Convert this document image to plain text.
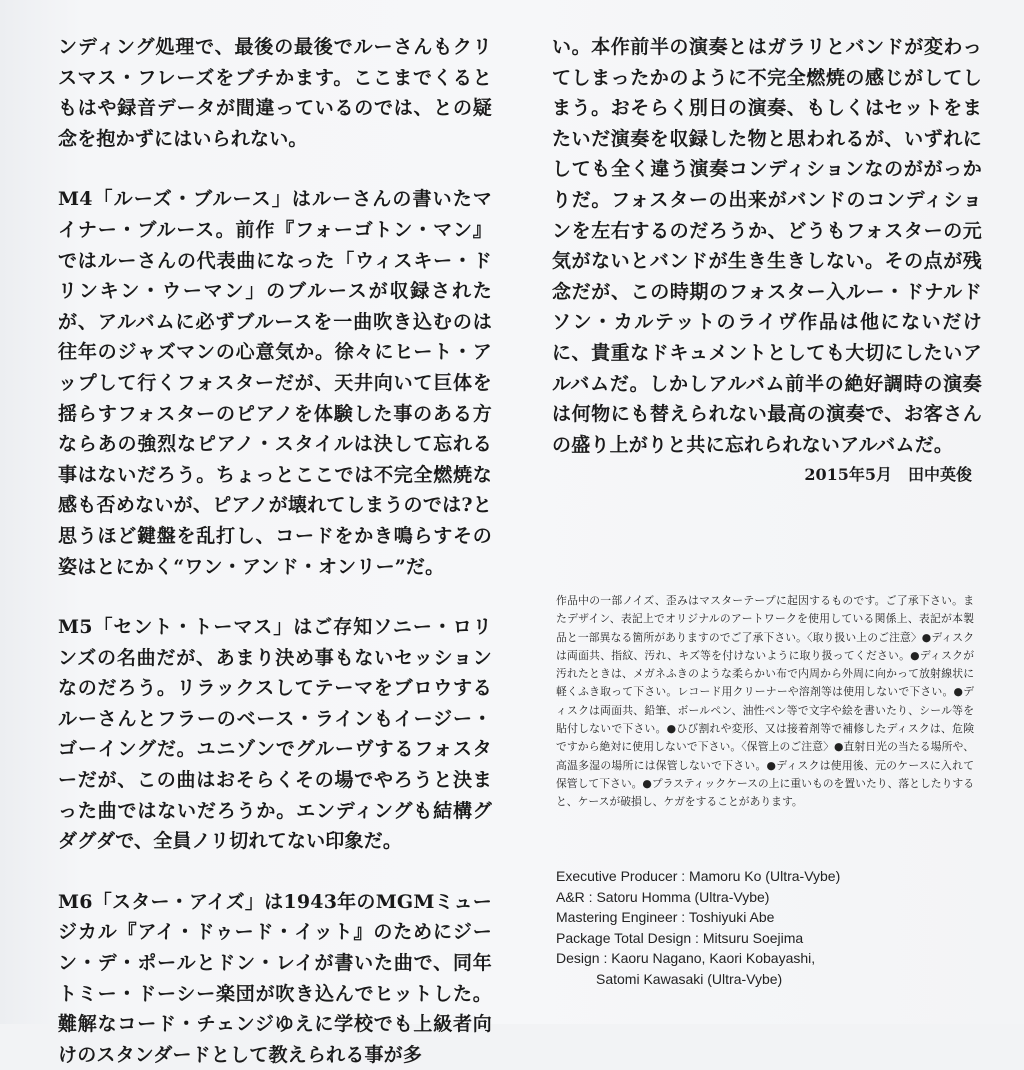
ンディング処理で、最後の最後でルーさんもクリスマス・フレーズをブチかます。ここまでくるともはや録音データが間違っているのでは、との疑念を抱かずにはいられない。

M4「ルーズ・ブルース」はルーさんの書いたマイナー・ブルース。前作『フォーゴトン・マン』ではルーさんの代表曲になった「ウィスキー・ドリンキン・ウーマン」のブルースが収録されたが、アルバムに必ずブルースを一曲吹き込むのは往年のジャズマンの心意気か。徐々にヒート・アップして行くフォスターだが、天井向いて巨体を揺らすフォスターのピアノを体験した事のある方ならあの強烈なピアノ・スタイルは決して忘れる事はないだろう。ちょっとここでは不完全燃焼な感も否めないが、ピアノが壊れてしまうのでは?と思うほど鍵盤を乱打し、コードをかき鳴らすその姿はとにかく“ワン・アンド・オンリー”だ。

M5「セント・トーマス」はご存知ソニー・ロリンズの名曲だが、あまり決め事もないセッションなのだろう。リラックスしてテーマをブロウするルーさんとフラーのベース・ラインもイージー・ゴーイングだ。ユニゾンでグルーヴするフォスターだが、この曲はおそらくその場でやろうと決まった曲ではないだろうか。エンディングも結構グダグダで、全員ノリ切れてない印象だ。

M6「スター・アイズ」は1943年のMGMミュージカル『アイ・ドゥード・イット』のためにジーン・デ・ポールとドン・レイが書いた曲で、同年トミー・ドーシー楽団が吹き込んでヒットした。難解なコード・チェンジゆえに学校でも上級者向けのスタンダードとして教えられる事が多

い。本作前半の演奏とはガラリとバンドが変わってしまったかのように不完全燃焼の感じがしてしまう。おそらく別日の演奏、もしくはセットをまたいだ演奏を収録した物と思われるが、いずれにしても全く違う演奏コンディションなのががっかりだ。フォスターの出来がバンドのコンディションを左右するのだろうか、どうもフォスターの元気がないとバンドが生き生きしない。その点が残念だが、この時期のフォスター入ルー・ドナルドソン・カルテットのライヴ作品は他にないだけに、貴重なドキュメントとしても大切にしたいアルバムだ。しかしアルバム前半の絶好調時の演奏は何物にも替えられない最高の演奏で、お客さんの盛り上がりと共に忘れられないアルバムだ。

2015年5月　田中英俊
作品中の一部ノイズ、歪みはマスターテープに起因するものです。ご了承下さい。またデザイン、表記上でオリジナルのアートワークを使用している関係上、表記が本製品と一部異なる箇所がありますのでご了承下さい。〈取り扱い上のご注意〉●ディスクは両面共、指紋、汚れ、キズ等を付けないように取り扱ってください。●ディスクが汚れたときは、メガネふきのような柔らかい布で内周から外周に向かって放射線状に軽くふき取って下さい。レコード用クリーナーや溶剤等は使用しないで下さい。●ディスクは両面共、鉛筆、ボールペン、油性ペン等で文字や絵を書いたり、シール等を貼付しないで下さい。●ひび割れや変形、又は接着剤等で補修したディスクは、危険ですから絶対に使用しないで下さい。〈保管上のご注意〉●直射日光の当たる場所や、高温多湿の場所には保管しないで下さい。●ディスクは使用後、元のケースに入れて保管して下さい。●プラスティックケースの上に重いものを置いたり、落としたりすると、ケースが破損し、ケガをすることがあります。
Executive Producer : Mamoru Ko (Ultra-Vybe)
A&R : Satoru Homma (Ultra-Vybe)
Mastering Engineer : Toshiyuki Abe
Package Total Design : Mitsuru Soejima
Design : Kaoru Nagano, Kaori Kobayashi,
Satomi Kawasaki (Ultra-Vybe)
